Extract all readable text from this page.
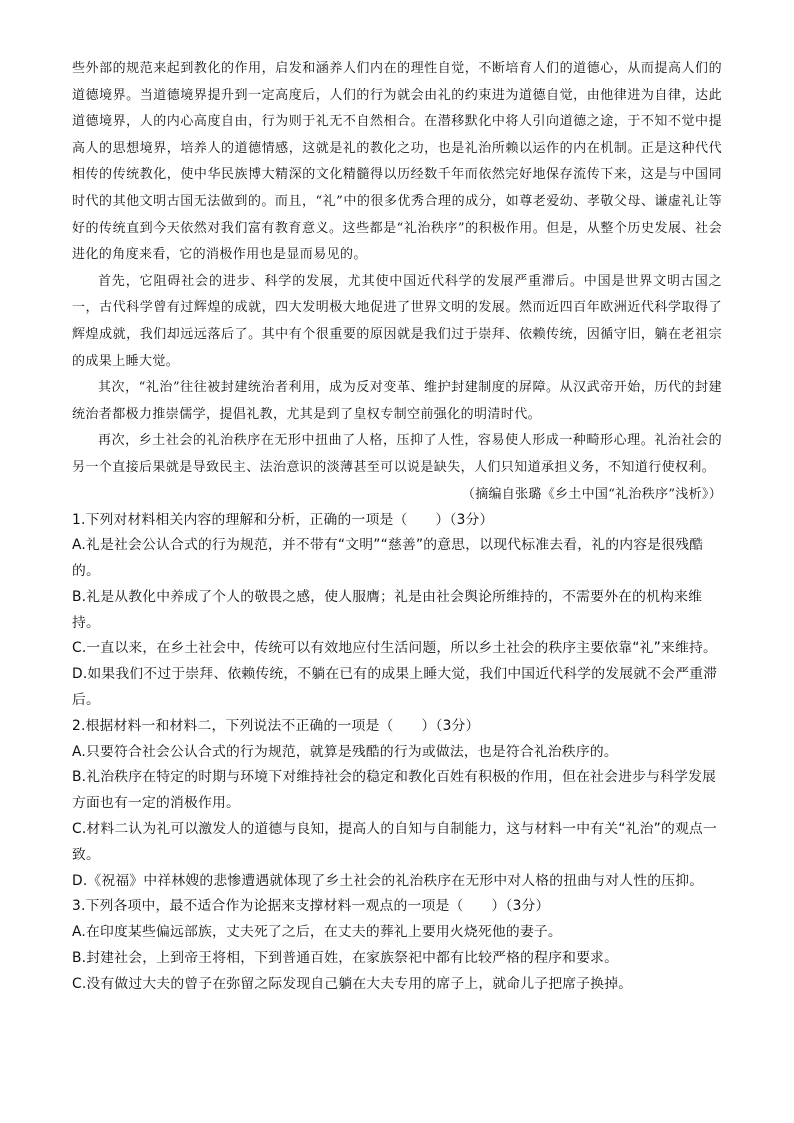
些外部的规范来起到教化的作用，启发和涵养人们内在的理性自觉，不断培育人们的道德心，从而提高人们的道德境界。当道德境界提升到一定高度后，人们的行为就会由礼的约束进为道德自觉，由他律进为自律，达此道德境界，人的内心高度自由，行为则于礼无不自然相合。在潜移默化中将人引向道德之途，于不知不觉中提高人的思想境界，培养人的道德情感，这就是礼的教化之功，也是礼治所赖以运作的内在机制。正是这种代代相传的传统教化，使中华民族博大精深的文化精髓得以历经数千年而依然完好地保存流传下来，这是与中国同时代的其他文明古国无法做到的。而且，“礼”中的很多优秀合理的成分，如尊老爱幼、孝敬父母、谦虚礼让等好的传统直到今天依然对我们富有教育意义。这些都是“礼治秩序”的积极作用。但是，从整个历史发展、社会进化的角度来看，它的消极作用也是显而易见的。

首先，它阻碍社会的进步、科学的发展，尤其使中国近代科学的发展严重滞后。中国是世界文明古国之一，古代科学曾有过辉煌的成就，四大发明极大地促进了世界文明的发展。然而近四百年欧洲近代科学取得了辉煌成就，我们却远远落后了。其中有个很重要的原因就是我们过于崇拜、依赖传统，因循守旧，躺在老祖宗的成果上睡大觉。

其次，“礼治”往往被封建统治者利用，成为反对变革、维护封建制度的屏障。从汉武帝开始，历代的封建统治者都极力推崇儒学，提倡礼教，尤其是到了皇权专制空前强化的明清时代。

再次，乡土社会的礼治秩序在无形中扭曲了人格，压抑了人性，容易使人形成一种畸形心理。礼治社会的另一个直接后果就是导致民主、法治意识的淡薄甚至可以说是缺失，人们只知道承担义务，不知道行使权利。

（摘编自张璐《乡土中国“礼治秩序”浅析》）

1.下列对材料相关内容的理解和分析，正确的一项是（　　）（3分）

A.礼是社会公认合式的行为规范，并不带有“文明”“慈善”的意思，以现代标准去看，礼的内容是很残酷的。

B.礼是从教化中养成了个人的敬畏之感，使人服膺；礼是由社会舆论所维持的，不需要外在的机构来维持。

C.一直以来，在乡土社会中，传统可以有效地应付生活问题，所以乡土社会的秩序主要依靠“礼”来维持。

D.如果我们不过于崇拜、依赖传统，不躺在已有的成果上睡大觉，我们中国近代科学的发展就不会严重滞后。

2.根据材料一和材料二，下列说法不正确的一项是（　　）（3分）

A.只要符合社会公认合式的行为规范，就算是残酷的行为或做法，也是符合礼治秩序的。

B.礼治秩序在特定的时期与环境下对维持社会的稳定和教化百姓有积极的作用，但在社会进步与科学发展方面也有一定的消极作用。

C.材料二认为礼可以激发人的道德与良知，提高人的自知与自制能力，这与材料一中有关“礼治”的观点一致。

D.《祝福》中祥林嫂的悲惨遭遇就体现了乡土社会的礼治秩序在无形中对人格的扭曲与对人性的压抑。

3.下列各项中，最不适合作为论据来支撑材料一观点的一项是（　　）（3分）

A.在印度某些偏远部族，丈夫死了之后，在丈夫的葬礼上要用火烧死他的妻子。

B.封建社会，上到帝王将相，下到普通百姓，在家族祭祀中都有比较严格的程序和要求。

C.没有做过大夫的曾子在弥留之际发现自己躺在大夫专用的席子上，就命儿子把席子换掉。
